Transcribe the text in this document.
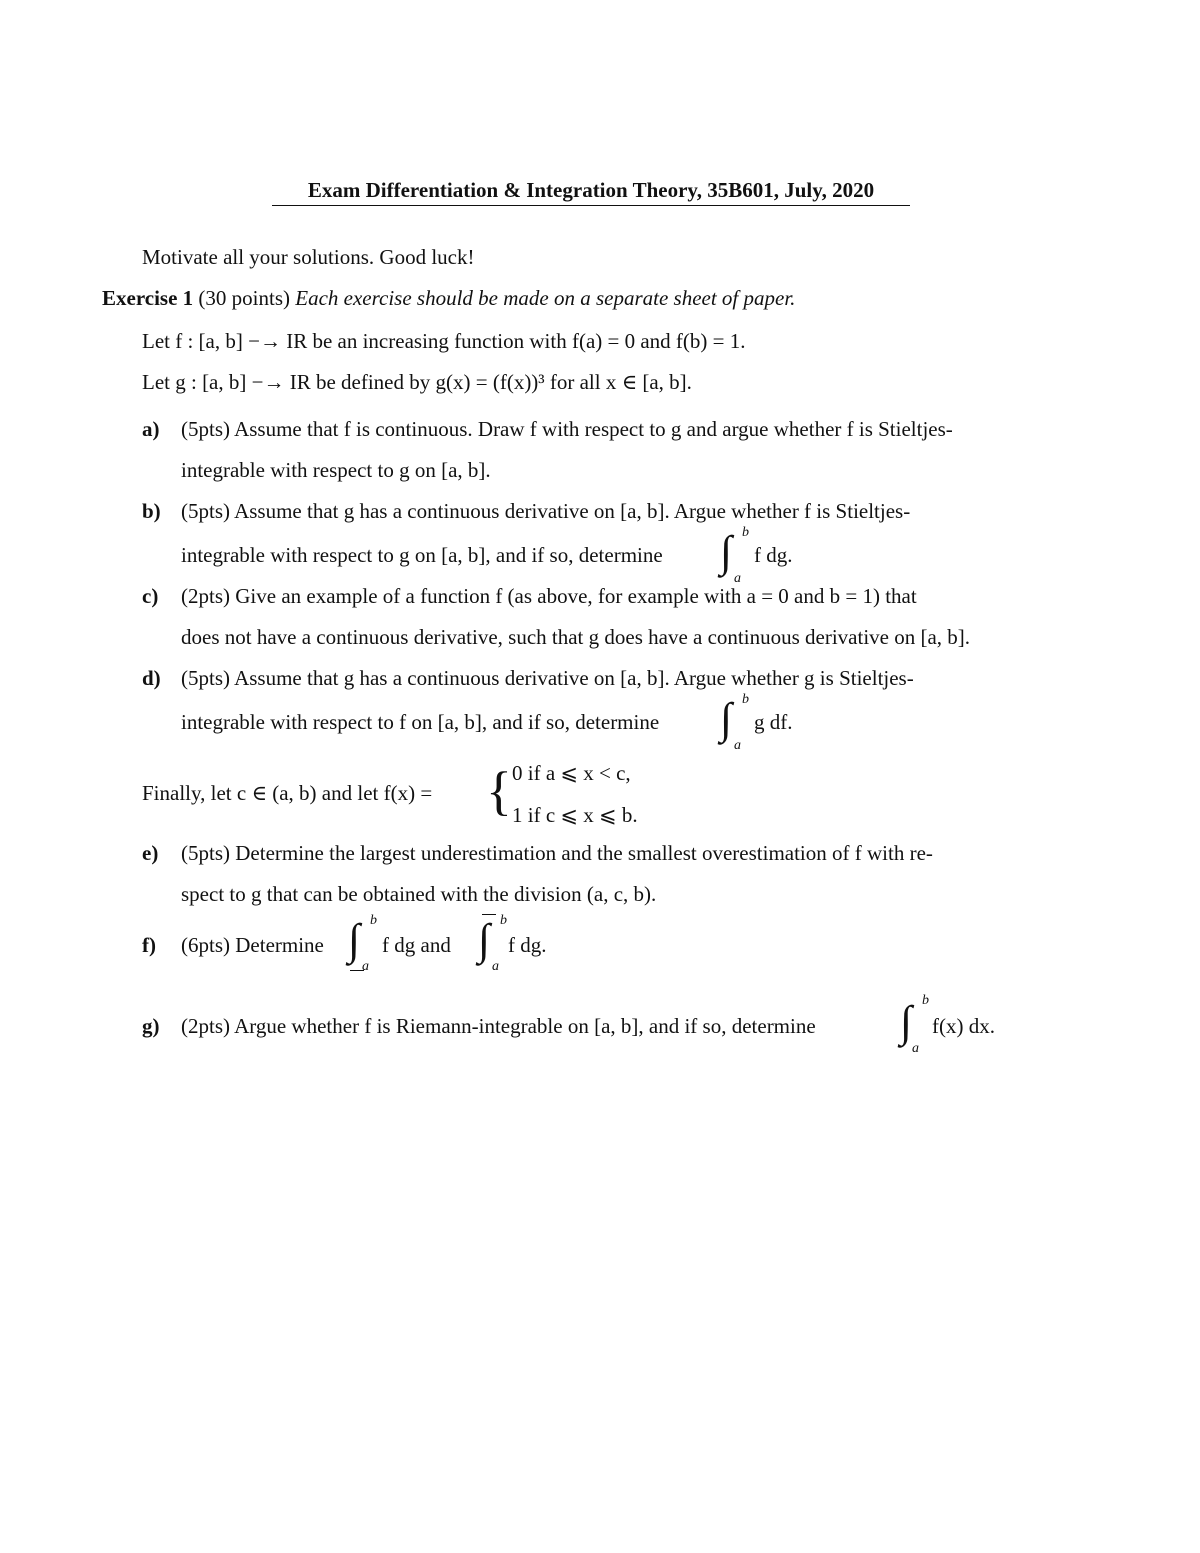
Exam Differentiation & Integration Theory, 35B601, July, 2020
Motivate all your solutions. Good luck!
Exercise 1 (30 points) Each exercise should be made on a separate sheet of paper.
Let f : [a, b] −→ IR be an increasing function with f(a) = 0 and f(b) = 1.
Let g : [a, b] −→ IR be defined by g(x) = (f(x))³ for all x ∈ [a, b].
a) (5pts) Assume that f is continuous. Draw f with respect to g and argue whether f is Stieltjes-
integrable with respect to g on [a, b].
b) (5pts) Assume that g has a continuous derivative on [a, b]. Argue whether f is Stieltjes-
integrable with respect to g on [a, b], and if so, determine ∫ b
a
f dg.
c) (2pts) Give an example of a function f (as above, for example with a = 0 and b = 1) that
does not have a continuous derivative, such that g does have a continuous derivative on [a, b].
d) (5pts) Assume that g has a continuous derivative on [a, b]. Argue whether g is Stieltjes-
integrable with respect to f on [a, b], and if so, determine ∫ b
a
g df.
Finally, let c ∈ (a, b) and let f(x) = { 0 if a ⩽ x < c,
1 if c ⩽ x ⩽ b.
e) (5pts) Determine the largest underestimation and the smallest overestimation of f with re-
spect to g that can be obtained with the division (a, c, b).
f) (6pts) Determine ∫ b
a
f dg and ∫ b
a
f dg.
g) (2pts) Argue whether f is Riemann-integrable on [a, b], and if so, determine ∫ b
a
f(x) dx.
